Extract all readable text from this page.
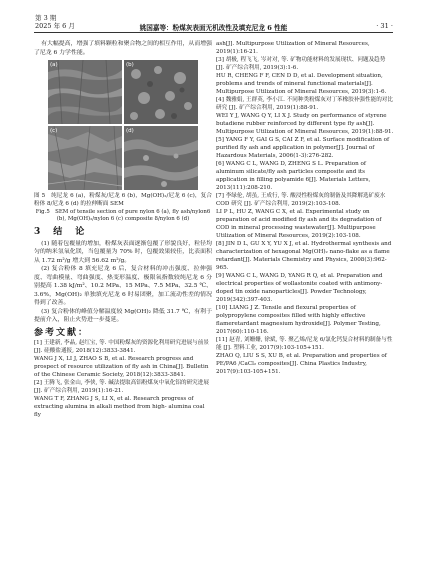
第 3 期
2025 年 6 月	姚国嘉等：粉煤灰表面无机改性及填充尼龙 6 性能	· 31 ·

有大幅提高，增强了填料颗粒和聚合物之间的相互作用，从而增强了尼龙 6 力学性能。

(a)	(b)
(c)	(d)

图 5　纯尼龙 6 (a)，粉煤灰/尼龙 6 (b)，Mg(OH)₂/尼龙 6 (c)，复合粉体 8/尼龙 6 (d) 的拉伸断面 SEM

Fig.5　SEM of tensile section of pure nylon 6 (a), fly ash/nylon6 (b), Mg(OH)₂/nylon 6 (c) composite 8/nylon 6 (d)

3　结　论

(1) 随着包覆量的增加，粉煤灰表面逐渐包覆了形貌良好，粒径均匀的纳米氢氧化镁，当包覆量为 70% 时，包覆效果较佳，比表面积从 1.72 m²/g 增大到 56.62 m²/g。

(2) 复合粉体 8 填充尼龙 6 后，复合材料的冲击强度、拉伸强度、弯曲模量、弯曲强度、热变形温度、极限氧指数较纯尼龙 6 分别提高 1.38 kJ/m²、10.2 MPa、15 MPa、7.5 MPa、32.5 ℃、3.6%，Mg(OH)₂ 单独填充尼龙 6 时易团聚，加工流动性差的情况得到了改善。

(3) 复合粉体的峰值分解温度较 Mg(OH)₂ 降低 31.7 ℃，有利于提前介入，阻止火势进一步蔓延。

参考文献：

[1] 王建新, 李晶, 赵红宝, 等. 中国粉煤灰的资源化利用研究进展与前景 [J]. 硅酸盐通报, 2018(12):3833-3841.

WANG J X, LI J, ZHAO S B, et al. Research progress and prospect of resource utilization of fly ash in China[J]. Bulletin of the Chinese Ceramic Society, 2018(12):3833-3841.

[2] 王腾飞, 张金山, 李侠, 等. 碱法提取高铝粉煤灰中氧化铝的研究进展 [J]. 矿产综合利用, 2019(1):16-21.

WANG T F, ZHANG J S, LI X, et al. Research progress of extracting alumina in alkali method from high- alumina coal fly

ash[J]. Multipurpose Utilization of Mineral Resources, 2019(1):16-21.

[3] 胡极, 程飞飞, 岑对对, 等. 矿物功能材料的发展现状、问题及趋势 [J]. 矿产综合利用, 2019(3):1-6.

HU R, CHENG F F, CEN D D, et al. Development situation, problems and trends of mineral functional materials[J]. Multipurpose Utilization of Mineral Resources, 2019(3):1-6.

[4] 魏雅娟, 王群英, 李小江. 不同种类粉煤灰对丁苯橡胶补强性能的对比研究 [J]. 矿产综合利用, 2019(1):88-91.

WEI Y J, WANG Q Y, LI X J. Study on performance of styrene butadiene rubber reinforced by different type fly ash[J]. Multipurpose Utilization of Mineral Resources, 2019(1):88-91.

[5] YANG F Y, GAI G S, CAI Z F, et al. Surface modification of purified fly ash and application in polymer[J]. Journal of Hazardous Materials, 2006(1-3):276-282.

[6] WANG C L, WANG D, ZHENG S L. Preparation of aluminum silicate/fly ash particles composite and its application in filling polyamide 6[J]. Materials Letters, 2013(111):208-210.

[7] 李绿伦, 胡虽, 王成行, 等. 酸浸性粉煤灰的制备及其降解选矿废水 COD 研究 [J]. 矿产综合利用, 2019(2):103-108.

LI P L, HU Z, WANG C X, et al. Experimental study on preparation of acid modified fly ash and its degradation of COD in mineral processing wastewater[J]. Multipurpose Utilization of Mineral Resources, 2019(2):103-108.

[8] JIN D L, GU X Y, YU X J, et al. Hydrothermal synthesis and characterization of hexagonal Mg(OH)₂ nano-flake as a flame retardant[J]. Materials Chemistry and Physics, 2008(3):962-965.

[9] WANG C L, WANG D, YANG R Q, et al. Preparation and electrical properties of wollastonite coated with antimony-doped tin oxide nanoparticles[J]. Powder Technology, 2019(342):397-403.

[10] LIANG J Z. Tensile and flexural properties of polypropylene composites filled with highly effective flameretardant magnesium hydroxide[J]. Polymer Testing, 2017(60):110-116.

[11] 赵青, 刘姗姗, 徐斌, 等. 聚乙烯/尼龙 6/氯化钙复合材料的制备与性能 [J]. 塑料工业, 2017(9):103-105+151.

ZHAO Q, LIU S S, XU B, et al. Preparation and properties of PE/PA6 /CaCl₂ composites[J]. China Plastics Industry, 2017(9):103-105+151.
